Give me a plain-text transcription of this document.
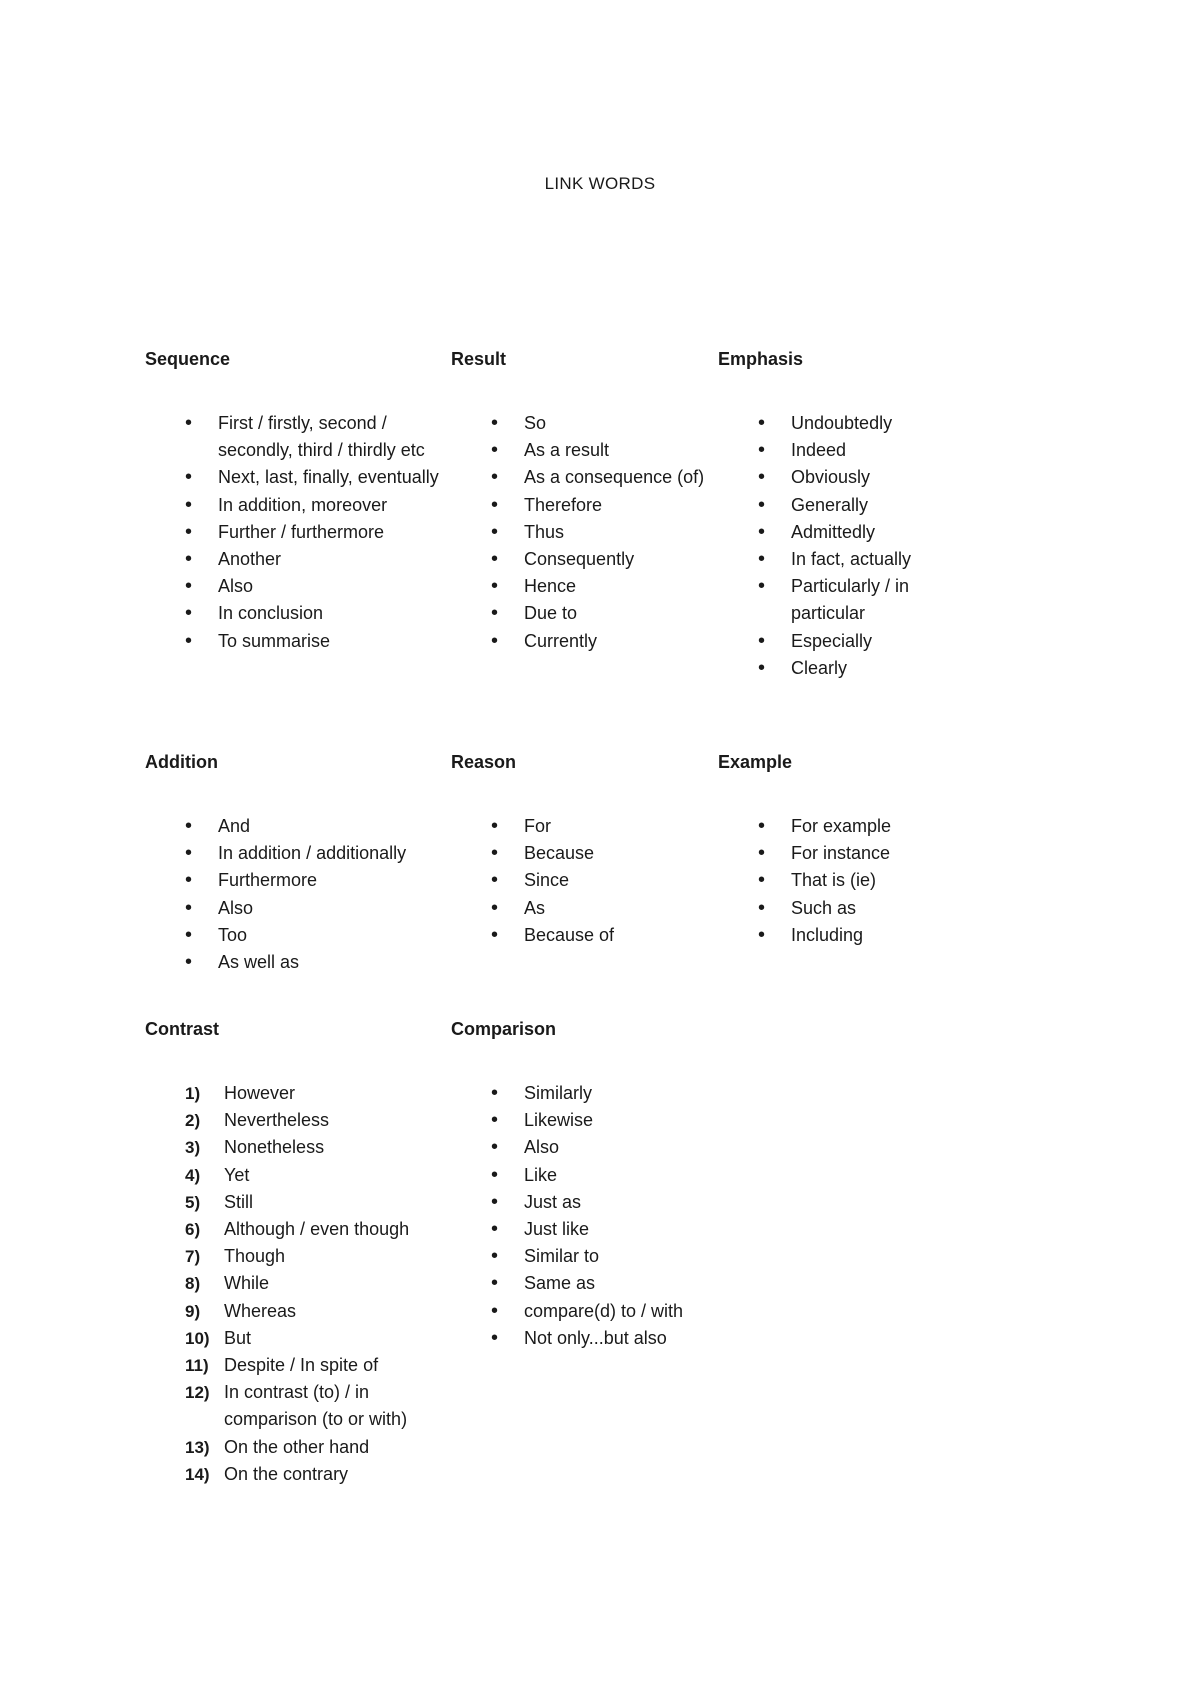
LINK WORDS
Sequence
• First / firstly, second / secondly, third / thirdly etc
• Next, last, finally, eventually
• In addition, moreover
• Further / furthermore
• Another
• Also
• In conclusion
• To summarise
Result
• So
• As a result
• As a consequence (of)
• Therefore
• Thus
• Consequently
• Hence
• Due to
• Currently
Emphasis
• Undoubtedly
• Indeed
• Obviously
• Generally
• Admittedly
• In fact, actually
• Particularly / in particular
• Especially
• Clearly
Addition
• And
• In addition / additionally
• Furthermore
• Also
• Too
• As well as
Reason
• For
• Because
• Since
• As
• Because of
Example
• For example
• For instance
• That is (ie)
• Such as
• Including
Contrast
1)	However
2)	Nevertheless
3)	Nonetheless
4)	Yet
5)	Still
6)	Although / even though
7)	Though
8)	While
9)	Whereas
10) But
11) Despite / In spite of
12) In contrast (to) / in comparison (to or with)
13) On the other hand
14) On the contrary
Comparison
• Similarly
• Likewise
• Also
• Like
• Just as
• Just like
• Similar to
• Same as
• compare(d) to / with
• Not only...but also
